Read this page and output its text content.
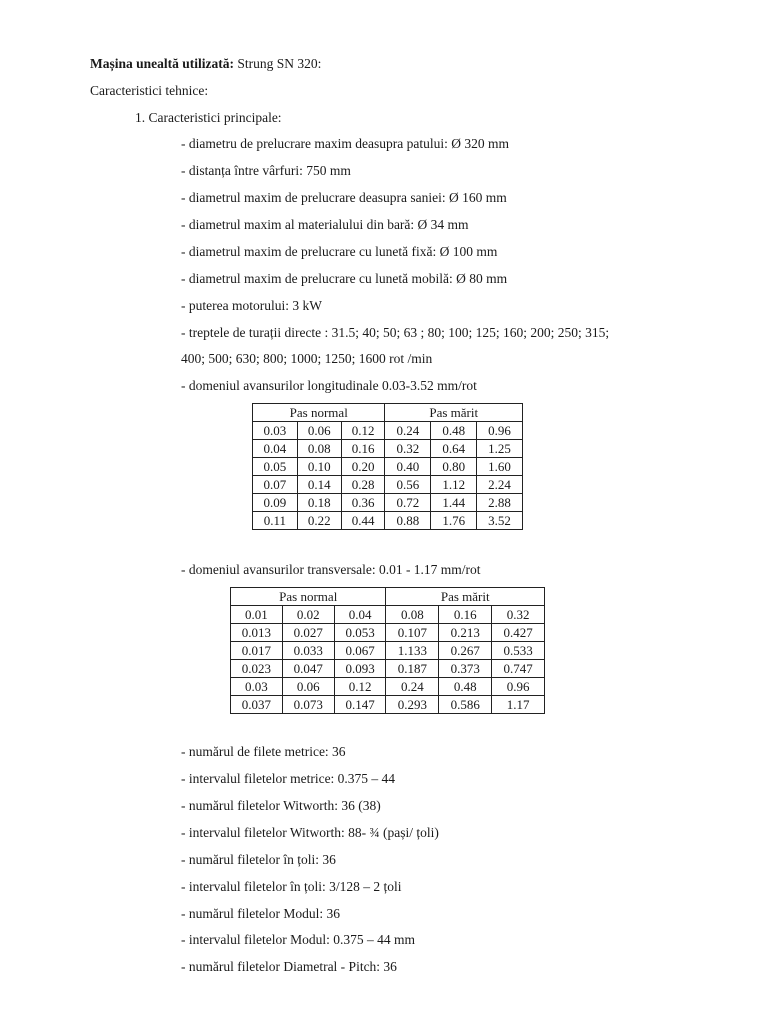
Mașina unealtă utilizată: Strung SN 320:
Caracteristici tehnice:
1. Caracteristici principale:
- diametru de prelucrare maxim deasupra patului: Ø 320 mm
- distanța între vârfuri: 750 mm
- diametrul maxim de prelucrare deasupra saniei: Ø 160 mm
- diametrul maxim al materialului din bară: Ø 34 mm
- diametrul maxim de prelucrare cu lunetă fixă: Ø 100 mm
- diametrul maxim de prelucrare cu lunetă mobilă: Ø 80 mm
- puterea motorului: 3 kW
- treptele de turații directe : 31.5; 40; 50; 63 ; 80; 100; 125; 160; 200; 250; 315;
400; 500; 630; 800; 1000; 1250; 1600 rot /min
- domeniul avansurilor longitudinale 0.03-3.52 mm/rot
Pas normal			Pas mărit		
0.03	0.06	0.12	0.24	0.48	0.96
0.04	0.08	0.16	0.32	0.64	1.25
0.05	0.10	0.20	0.40	0.80	1.60
0.07	0.14	0.28	0.56	1.12	2.24
0.09	0.18	0.36	0.72	1.44	2.88
0.11	0.22	0.44	0.88	1.76	3.52
- domeniul avansurilor transversale: 0.01 - 1.17 mm/rot
Pas normal			Pas mărit		
0.01	0.02	0.04	0.08	0.16	0.32
0.013	0.027	0.053	0.107	0.213	0.427
0.017	0.033	0.067	1.133	0.267	0.533
0.023	0.047	0.093	0.187	0.373	0.747
0.03	0.06	0.12	0.24	0.48	0.96
0.037	0.073	0.147	0.293	0.586	1.17
- numărul de filete metrice: 36
- intervalul filetelor metrice: 0.375 – 44
- numărul filetelor Witworth: 36 (38)
- intervalul filetelor Witworth: 88- ¾ (pași/ țoli)
- numărul filetelor în țoli: 36
- intervalul filetelor în țoli: 3/128 – 2 țoli
- numărul filetelor Modul: 36
- intervalul filetelor Modul: 0.375 – 44 mm
- numărul filetelor Diametral - Pitch: 36
